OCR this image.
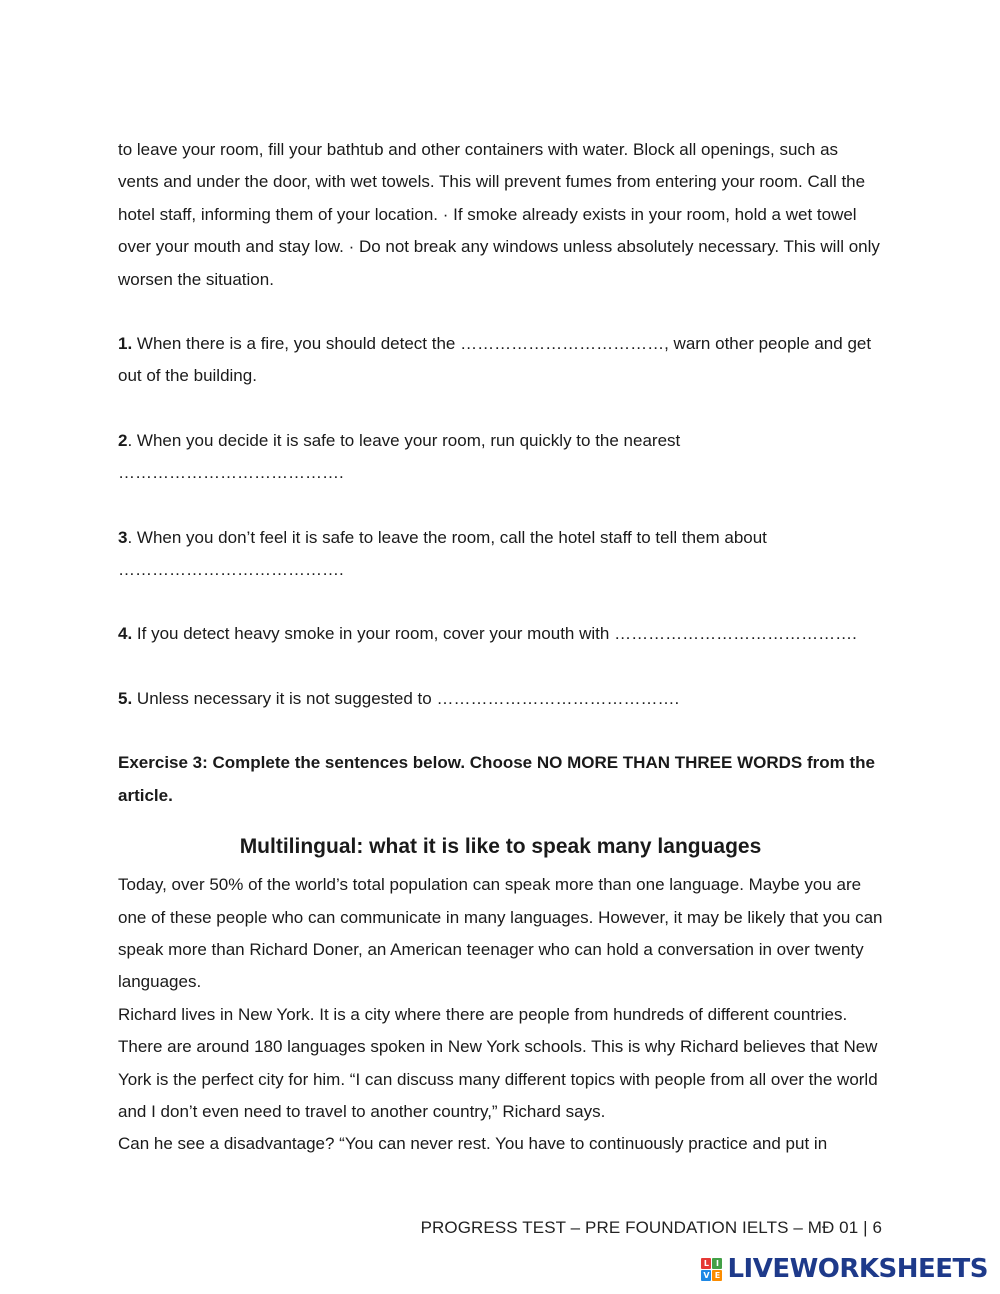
to leave your room, fill your bathtub and other containers with water. Block all openings, such as vents and under the door, with wet towels. This will prevent fumes from entering your room. Call the hotel staff, informing them of your location. · If smoke already exists in your room, hold a wet towel over your mouth and stay low. · Do not break any windows unless absolutely necessary. This will only worsen the situation.

1. When there is a fire, you should detect the ………………………………, warn other people and get out of the building.

2. When you decide it is safe to leave your room, run quickly to the nearest ………………………………….

3. When you don’t feel it is safe to leave the room, call the hotel staff to tell them about ………………………………….

4. If you detect heavy smoke in your room, cover your mouth with …………………………………….

5. Unless necessary it is not suggested to …………………………………….

Exercise 3: Complete the sentences below. Choose NO MORE THAN THREE WORDS from the article.

Multilingual: what it is like to speak many languages

Today, over 50% of the world’s total population can speak more than one language. Maybe you are one of these people who can communicate in many languages. However, it may be likely that you can speak more than Richard Doner, an American teenager who can hold a conversation in over twenty languages.

Richard lives in New York. It is a city where there are people from hundreds of different countries. There are around 180 languages spoken in New York schools. This is why Richard believes that New York is the perfect city for him. “I can discuss many different topics with people from all over the world and I don’t even need to travel to another country,” Richard says.

Can he see a disadvantage? “You can never rest. You have to continuously practice and put in

PROGRESS TEST – PRE FOUNDATION IELTS – MĐ 01 | 6
L I
V E LIVEWORKSHEETS
